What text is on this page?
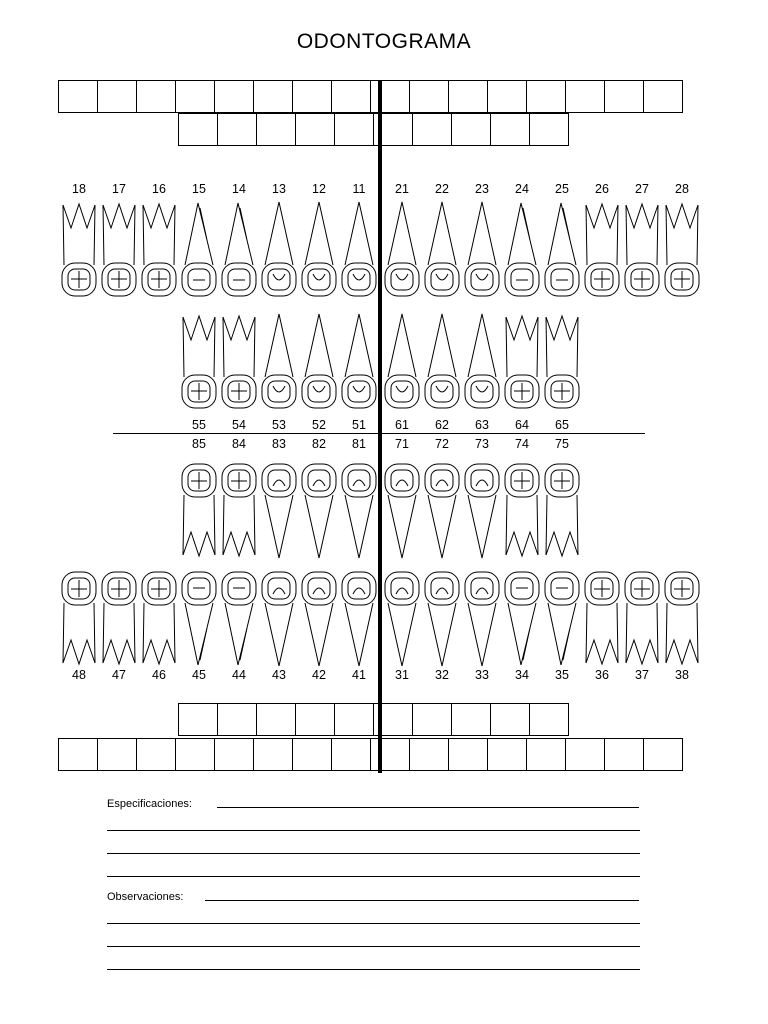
ODONTOGRAMA
18	17	16	15	14	13	12	11	21	22	23	24	25	26	27	28
55	54	53	52	51	61	62	63	64	65
85	84	83	82	81	71	72	73	74	75
48	47	46	45	44	43	42	41	31	32	33	34	35	36	37	38
Especificaciones:
Observaciones:
